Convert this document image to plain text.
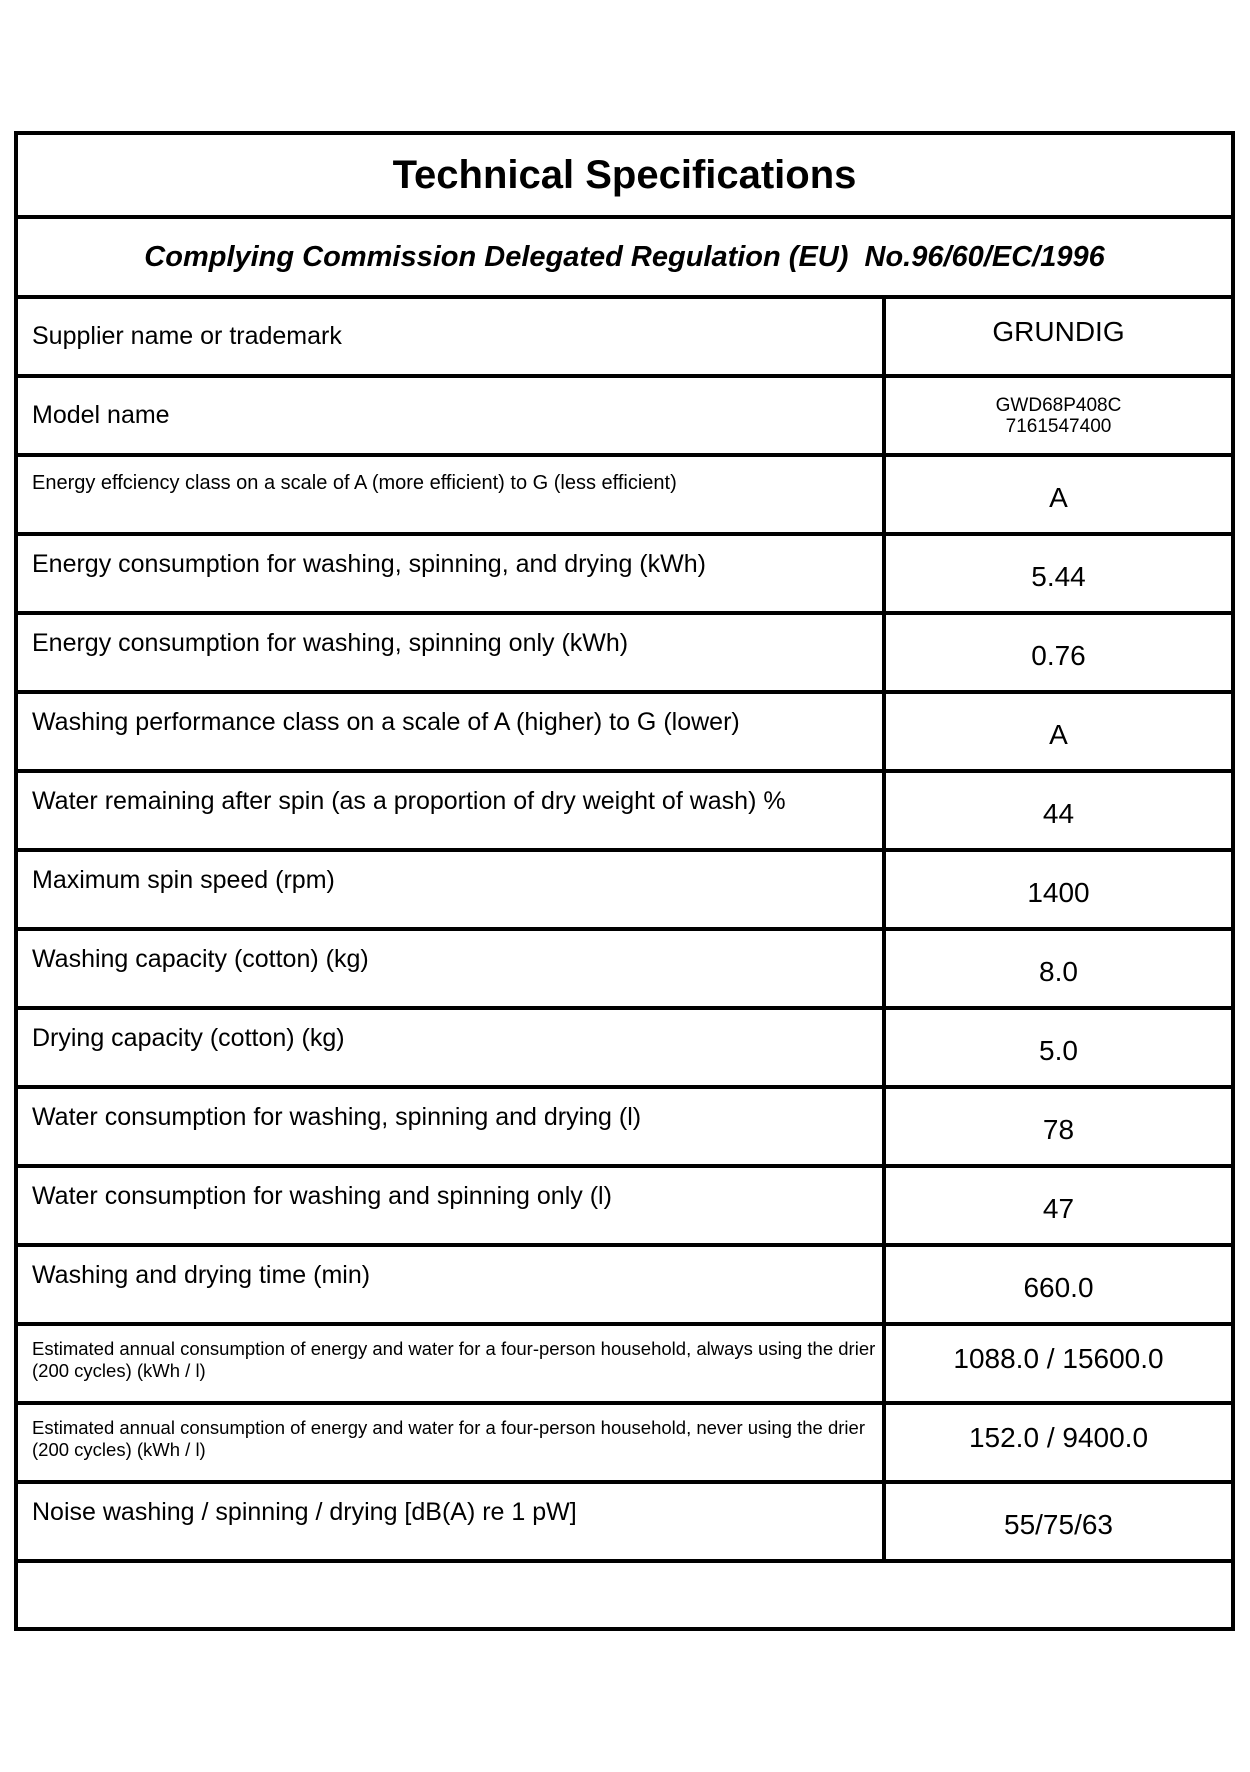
Technical Specifications
Complying Commission Delegated Regulation (EU)  No.96/60/EC/1996
Supplier name or trademark	GRUNDIG
Model name	GWD68P408C
7161547400
Energy effciency class on a scale of A (more efficient) to G (less efficient)	A
Energy consumption for washing, spinning, and drying (kWh)	5.44
Energy consumption for washing, spinning only (kWh)	0.76
Washing performance class on a scale of A (higher) to G (lower)	A
Water remaining after spin (as a proportion of dry weight of wash) %	44
Maximum spin speed (rpm)	1400
Washing capacity (cotton) (kg)	8.0
Drying capacity (cotton) (kg)	5.0
Water consumption for washing, spinning and drying (l)	78
Water consumption for washing and spinning only (l)	47
Washing and drying time (min)	660.0
Estimated annual consumption of energy and water for a four-person household, always using the drier (200 cycles) (kWh / l)	1088.0 / 15600.0
Estimated annual consumption of energy and water for a four-person household, never using the drier (200 cycles) (kWh / l)	152.0 / 9400.0
Noise washing / spinning / drying [dB(A) re 1 pW]	55/75/63
